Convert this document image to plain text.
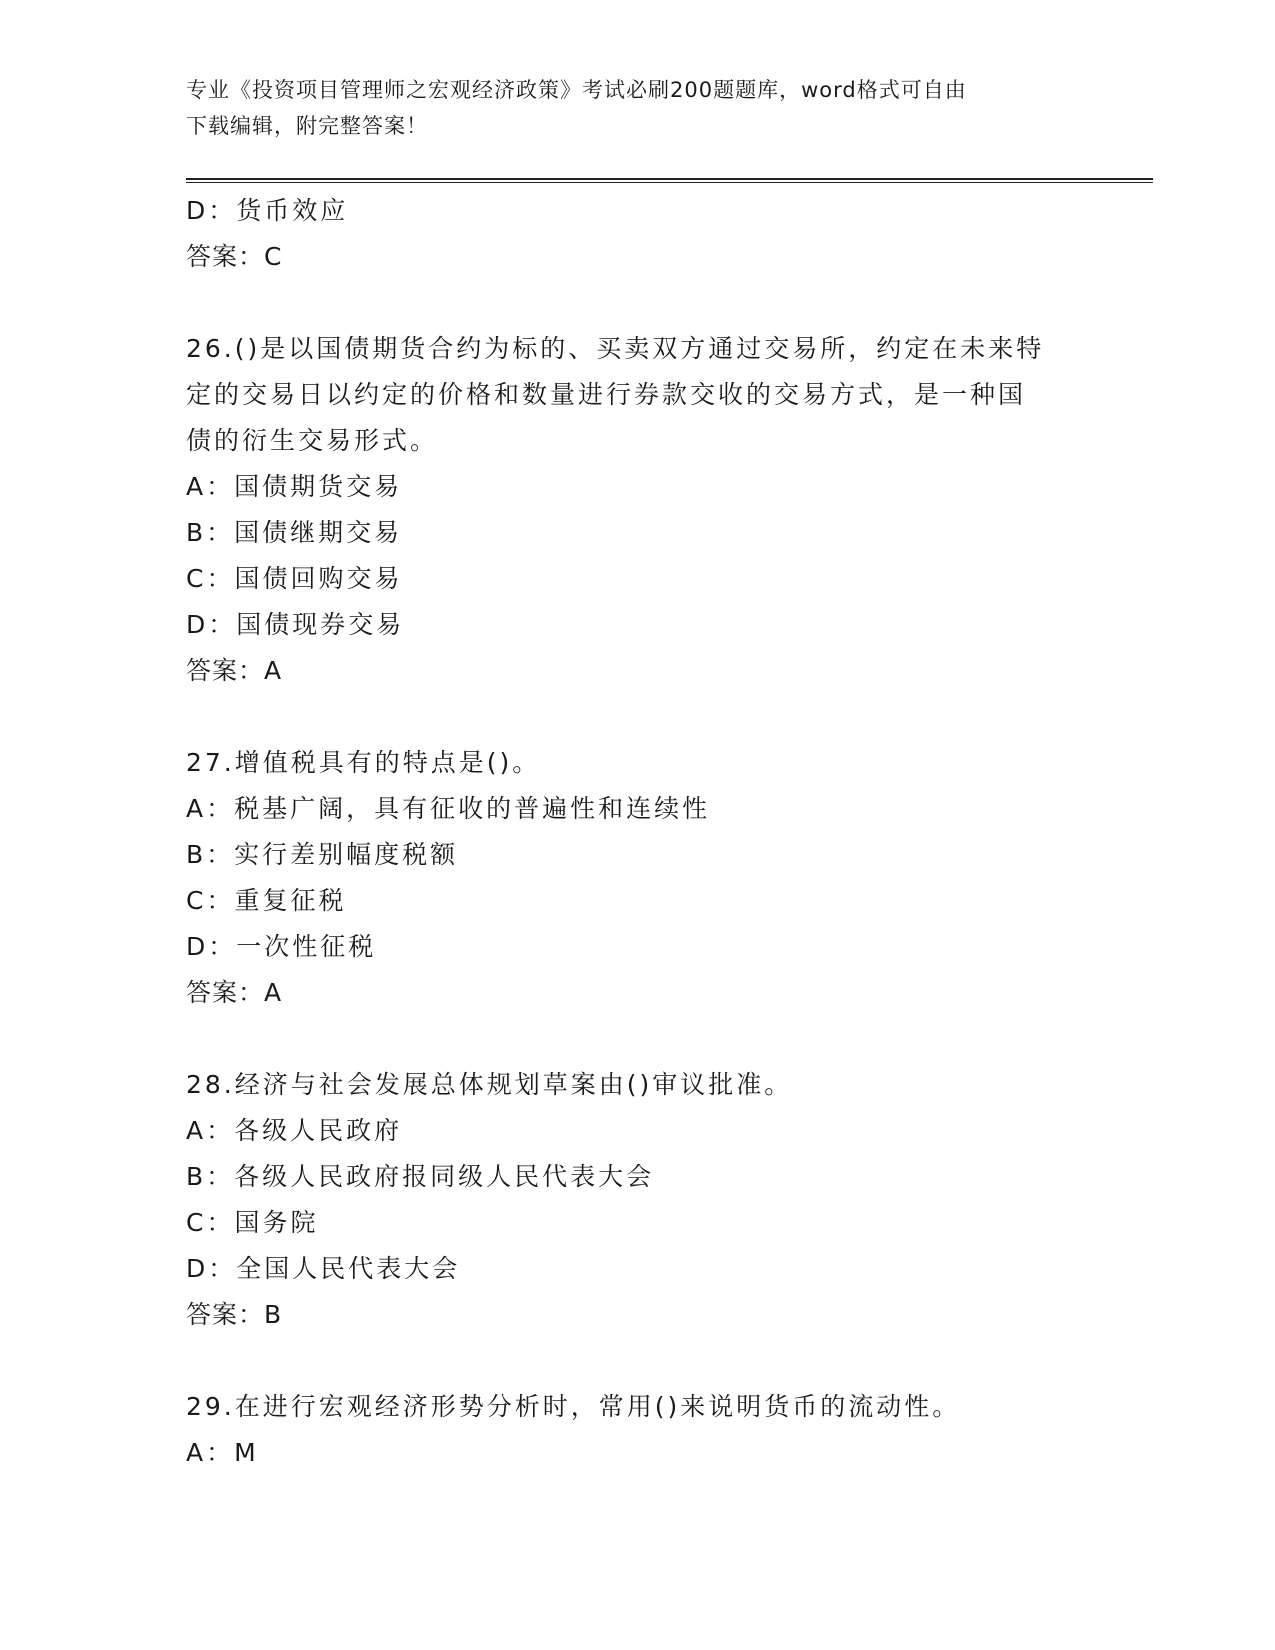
专业《投资项目管理师之宏观经济政策》考试必刷200题题库，word格式可自由
下载编辑，附完整答案！
D：货币效应
答案：C
26.()是以国债期货合约为标的、买卖双方通过交易所，约定在未来特
定的交易日以约定的价格和数量进行券款交收的交易方式，是一种国
债的衍生交易形式。
A：国债期货交易
B：国债继期交易
C：国债回购交易
D：国债现券交易
答案：A
27.增值税具有的特点是()。
A：税基广阔，具有征收的普遍性和连续性
B：实行差别幅度税额
C：重复征税
D：一次性征税
答案：A
28.经济与社会发展总体规划草案由()审议批准。
A：各级人民政府
B：各级人民政府报同级人民代表大会
C：国务院
D：全国人民代表大会
答案：B
29.在进行宏观经济形势分析时，常用()来说明货币的流动性。
A：M
